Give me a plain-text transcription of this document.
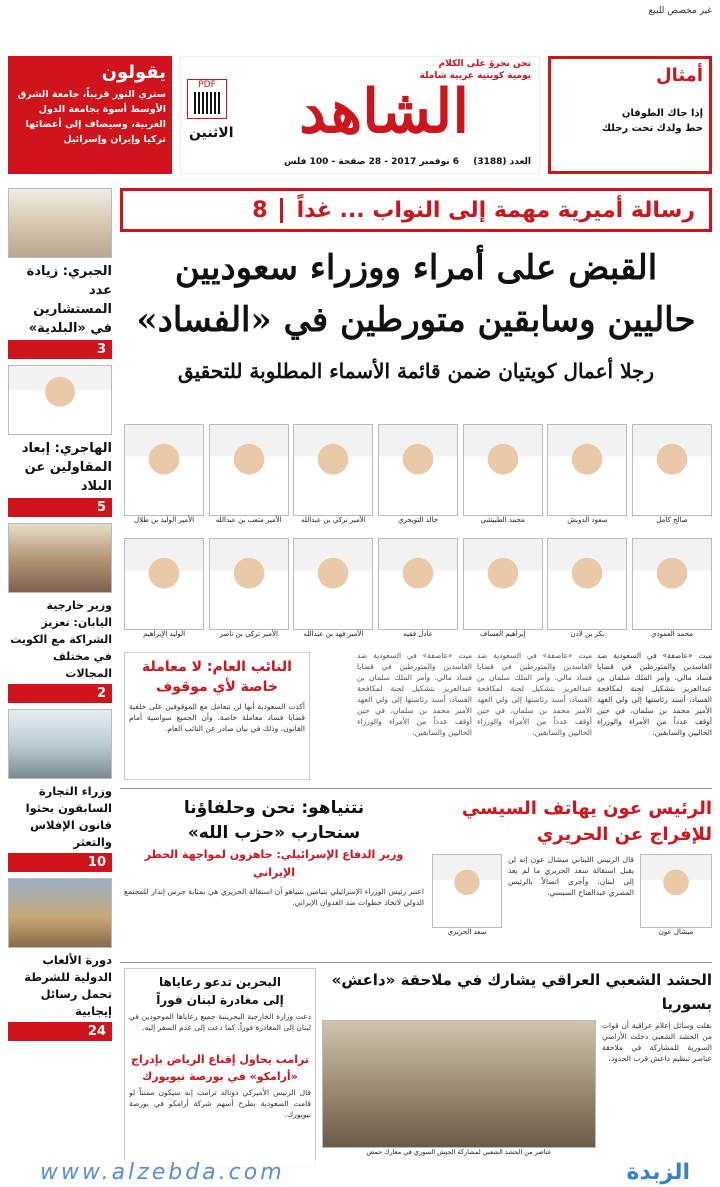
غير مخصص للبيع
يقولون
ستري النور قريباً، جامعة الشرق الأوسط أسوة بجامعة الدول العربية، وسيضاف إلى أعضائها تركيا وإيران وإسرائيل
نحن نجرؤ على الكلام
يومية كويتية عربية شاملة
الشاهد
PDF
الاثنين
العدد (3188)
6 نوفمبر 2017 - 28 صفحة - 100 فلس
أمثال
إذا جاك الطوفان
حط ولدك تحت رجلك
رسالة أميرية مهمة إلى النواب ... غداً
8
القبض على أمراء ووزراء سعوديين
حاليين وسابقين متورطين في «الفساد»
رجلا أعمال كويتيان ضمن قائمة الأسماء المطلوبة للتحقيق
الأمير الوليد بن طلال	الأمير متعب بن عبدالله	الأمير تركي بن عبدالله	خالد التويجري	محمد الطبيشي	سعود الدويش	صالح كامل
الوليد الإبراهيم	الأمير تركي بن ناصر	الأمير فهد بن عبدالله	عادل فقيه	إبراهيم العساف	بكر بن لادن	محمد العمودي
ميت «عاصفة» في السعودية ضد الفاسدين والمتورطين في قضايا فساد مالي. وأمر الملك سلمان بن عبدالعزيز بتشكيل لجنة لمكافحة الفساد، أسند رئاستها إلى ولي العهد الأمير محمد بن سلمان، في حين أوقف عدداً من الأمراء والوزراء الحاليين والسابقين.
ميت «عاصفة» في السعودية ضد الفاسدين والمتورطين في قضايا فساد مالي. وأمر الملك سلمان بن عبدالعزيز بتشكيل لجنة لمكافحة الفساد، أسند رئاستها إلى ولي العهد الأمير محمد بن سلمان، في حين أوقف عدداً من الأمراء والوزراء الحاليين والسابقين.
ميت «عاصفة» في السعودية ضد الفاسدين والمتورطين في قضايا فساد مالي. وأمر الملك سلمان بن عبدالعزيز بتشكيل لجنة لمكافحة الفساد، أسند رئاستها إلى ولي العهد الأمير محمد بن سلمان، في حين أوقف عدداً من الأمراء والوزراء الحاليين والسابقين.
النائب العام: لا معاملة خاصة لأي موقوف
أكدت السعودية أنها لن تتعامل مع الموقوفين على خلفية قضايا فساد معاملة خاصة، وأن الجميع سواسية أمام القانون، وذلك في بيان صادر عن النائب العام.
الرئيس عون يهاتف السيسي
للإفراج عن الحريري
ميشال عون
قال الرئيس اللبناني ميشال عون إنه لن يقبل استقالة سعد الحريري ما لم يعد إلى لبنان، وأجرى اتصالاً بالرئيس المصري عبدالفتاح السيسي.
سعد الحريري
نتنياهو: نحن وحلفاؤنا
سنحارب «حزب الله»
وزير الدفاع الإسرائيلي: جاهزون لمواجهة الخطر الإيراني
اعتبر رئيس الوزراء الإسرائيلي بنيامين نتنياهو أن استقالة الحريري هي بمثابة جرس إنذار للمجتمع الدولي لاتخاذ خطوات ضد العدوان الإيراني.
الحشد الشعبي العراقي يشارك في ملاحقة «داعش» بسوريا
نقلت وسائل إعلام عراقية أن قوات من الحشد الشعبي دخلت الأراضي السورية للمشاركة في ملاحقة عناصر تنظيم داعش قرب الحدود.
عناصر من الحشد الشعبي لمشاركة الجيش السوري في معارك حمص
البحرين تدعو رعاياها
إلى مغادرة لبنان فوراً
دعت وزارة الخارجية البحرينية جميع رعاياها الموجودين في لبنان إلى المغادرة فوراً، كما دعت إلى عدم السفر إليه.
ترامب يحاول إقناع الرياض بإدراج
«أرامكو» في بورصة نيويورك
قال الرئيس الأميركي دونالد ترامب إنه سيكون ممتناً لو قامت السعودية بطرح أسهم شركة أرامكو في بورصة نيويورك.
الجبري: زيادة عدد المستشارين في «البلدية»
3
الهاجري: إبعاد المقاولين عن البلاد
5
وزير خارجية اليابان: تعزيز الشراكة مع الكويت في مختلف المجالات
2
وزراء التجارة السابقون بحثوا قانون الإفلاس والتعثر
10
دورة الألعاب الدولية للشرطة تحمل رسائل إيجابية
24
www.alzebda.com	الزبدة
